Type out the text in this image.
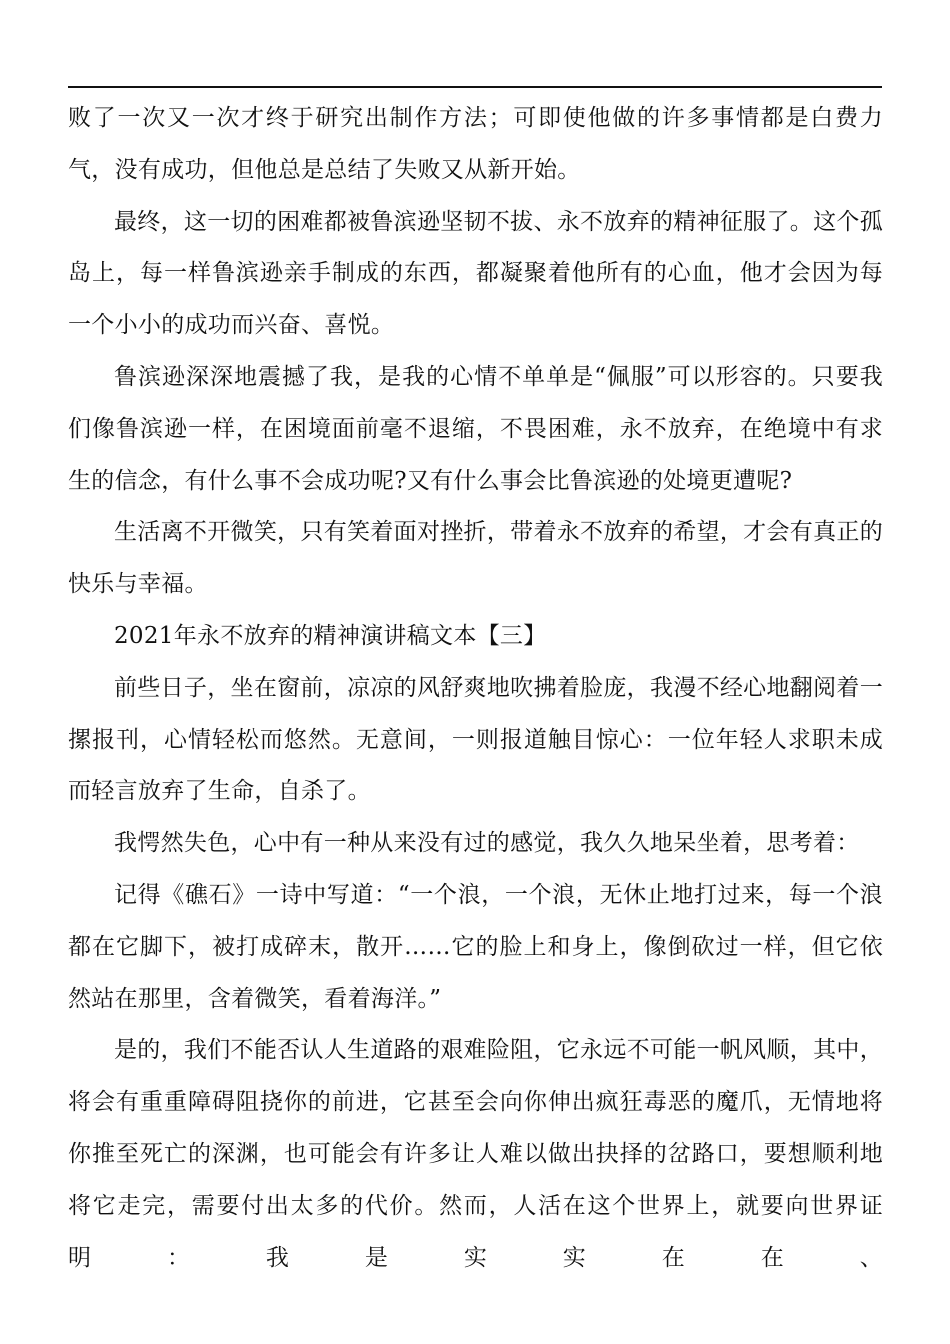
败了一次又一次才终于研究出制作方法；可即使他做的许多事情都是白费力气，没有成功，但他总是总结了失败又从新开始。

最终，这一切的困难都被鲁滨逊坚韧不拔、永不放弃的精神征服了。这个孤岛上，每一样鲁滨逊亲手制成的东西，都凝聚着他所有的心血，他才会因为每一个小小的成功而兴奋、喜悦。

鲁滨逊深深地震撼了我，是我的心情不单单是“佩服”可以形容的。只要我们像鲁滨逊一样，在困境面前毫不退缩，不畏困难，永不放弃，在绝境中有求生的信念，有什么事不会成功呢?又有什么事会比鲁滨逊的处境更遭呢?

生活离不开微笑，只有笑着面对挫折，带着永不放弃的希望，才会有真正的快乐与幸福。

2021年永不放弃的精神演讲稿文本【三】

前些日子，坐在窗前，凉凉的风舒爽地吹拂着脸庞，我漫不经心地翻阅着一摞报刊，心情轻松而悠然。无意间，一则报道触目惊心：一位年轻人求职未成而轻言放弃了生命，自杀了。

我愕然失色，心中有一种从来没有过的感觉，我久久地呆坐着，思考着：

记得《礁石》一诗中写道：“一个浪，一个浪，无休止地打过来，每一个浪都在它脚下，被打成碎末，散开……它的脸上和身上，像倒砍过一样，但它依然站在那里，含着微笑，看着海洋。”

是的，我们不能否认人生道路的艰难险阻，它永远不可能一帆风顺，其中，将会有重重障碍阻挠你的前进，它甚至会向你伸出疯狂毒恶的魔爪，无情地将你推至死亡的深渊，也可能会有许多让人难以做出抉择的岔路口，要想顺利地将它走完，需要付出太多的代价。然而，人活在这个世界上，就要向世界证明：我是实实在在、
